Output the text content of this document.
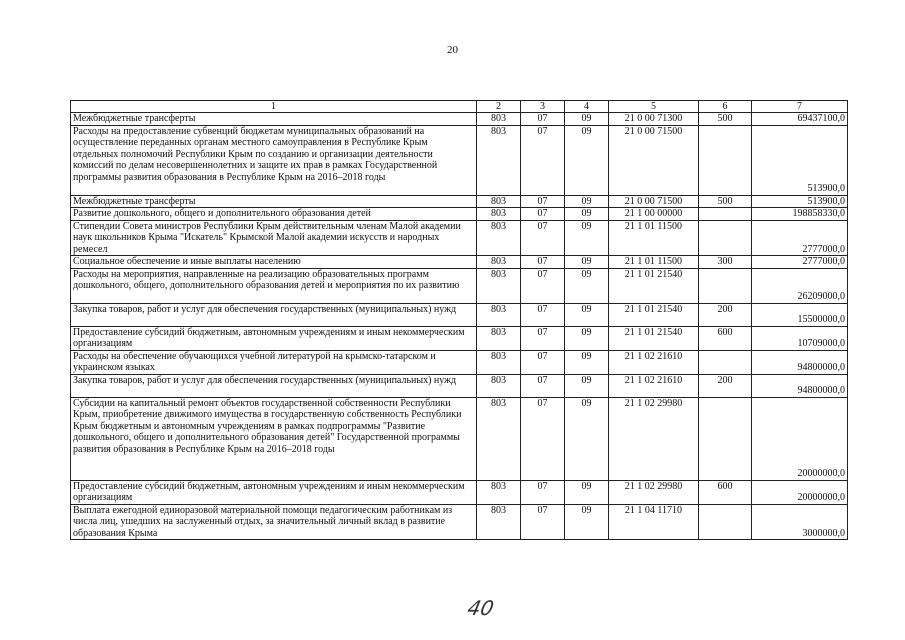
20
1	2	3	4	5	6	7
Межбюджетные трансферты	803	07	09	21 0 00 71300	500	69437100,0
Расходы на предоставление субвенций бюджетам муниципальных образований на осуществление переданных органам местного самоуправления в Республике Крым отдельных полномочий Республики Крым по созданию и организации деятельности комиссий по делам несовершеннолетних и защите их прав в рамках Государственной программы развития образования в Республике Крым на 2016–2018 годы	803	07	09	21 0 00 71500		513900,0
Межбюджетные трансферты	803	07	09	21 0 00 71500	500	513900,0
Развитие дошкольного, общего и дополнительного образования детей	803	07	09	21 1 00 00000		198858330,0
Стипендии Совета министров Республики Крым действительным членам Малой академии наук школьников Крыма "Искатель" Крымской Малой академии искусств и народных ремесел	803	07	09	21 1 01 11500		2777000,0
Социальное обеспечение и иные выплаты населению	803	07	09	21 1 01 11500	300	2777000,0
Расходы на мероприятия, направленные на реализацию образовательных программ дошкольного, общего, дополнительного образования детей и мероприятия по их развитию	803	07	09	21 1 01 21540		26209000,0
Закупка товаров, работ и услуг для обеспечения государственных (муниципальных) нужд	803	07	09	21 1 01 21540	200	15500000,0
Предоставление субсидий бюджетным, автономным учреждениям и иным некоммерческим организациям	803	07	09	21 1 01 21540	600	10709000,0
Расходы на обеспечение обучающихся учебной литературой на крымско-татарском и украинском языках	803	07	09	21 1 02 21610		94800000,0
Закупка товаров, работ и услуг для обеспечения государственных (муниципальных) нужд	803	07	09	21 1 02 21610	200	94800000,0
Субсидии на капитальный ремонт объектов государственной собственности Республики Крым, приобретение движимого имущества в государственную собственность Республики Крым бюджетным и автономным учреждениям в рамках подпрограммы "Развитие дошкольного, общего и дополнительного образования детей" Государственной программы развития образования в Республике Крым на 2016–2018 годы	803	07	09	21 1 02 29980		20000000,0
Предоставление субсидий бюджетным, автономным учреждениям и иным некоммерческим организациям	803	07	09	21 1 02 29980	600	20000000,0
Выплата ежегодной единоразовой материальной помощи педагогическим работникам из числа лиц, ушедших на заслуженный отдых, за значительный личный вклад в развитие образования Крыма	803	07	09	21 1 04 11710		3000000,0
40
